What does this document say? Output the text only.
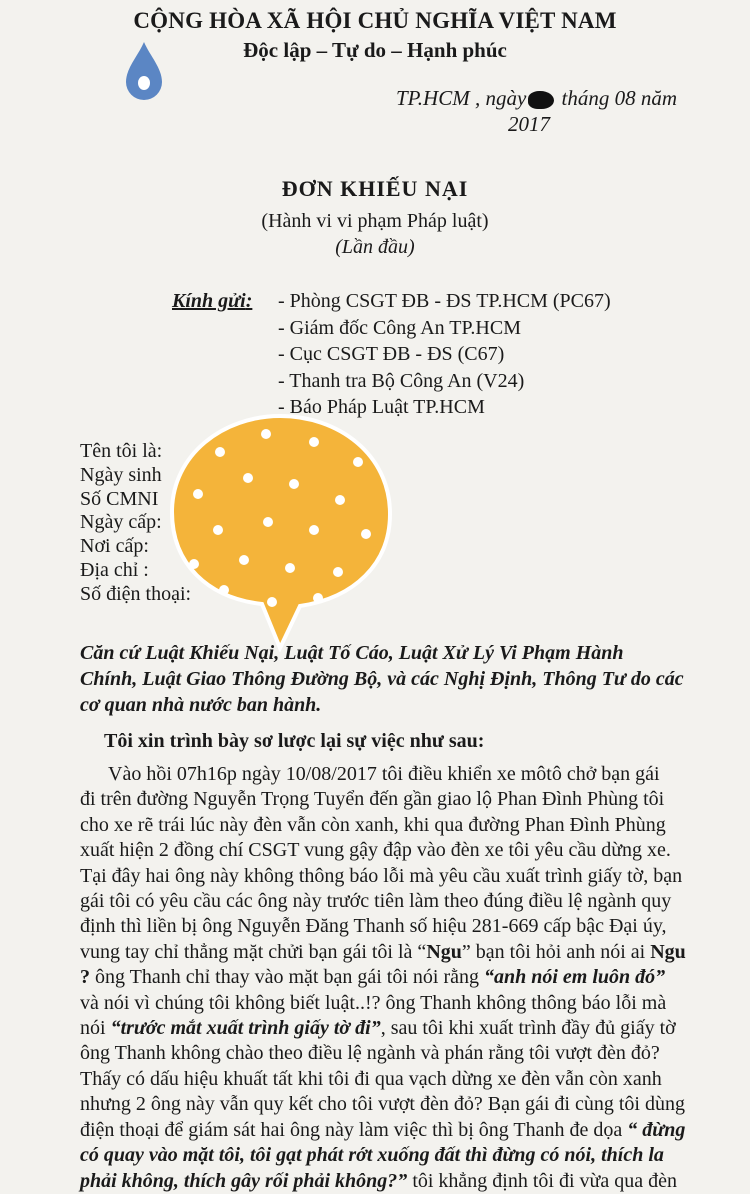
CỘNG HÒA XÃ HỘI CHỦ NGHĨA VIỆT NAM
Độc lập – Tự do – Hạnh phúc
TP.HCM , ngày tháng 08 năm
2017
ĐƠN KHIẾU NẠI
(Hành vi vi phạm Pháp luật)
(Lần đầu)
Kính gửi: - Phòng CSGT ĐB - ĐS TP.HCM (PC67)
- Giám đốc Công An TP.HCM
- Cục CSGT ĐB - ĐS (C67)
- Thanh tra Bộ Công An (V24)
- Báo Pháp Luật TP.HCM
Tên tôi là:
Ngày sinh
Số CMNI
Ngày cấp:
Nơi cấp:
Địa chỉ :
Số điện thoại:
Căn cứ Luật Khiếu Nại, Luật Tố Cáo, Luật Xử Lý Vi Phạm Hành
Chính, Luật Giao Thông Đường Bộ, và các Nghị Định, Thông Tư do các
cơ quan nhà nước ban hành.
Tôi xin trình bày sơ lược lại sự việc như sau:
Vào hồi 07h16p ngày 10/08/2017 tôi điều khiển xe môtô chở bạn gái
đi trên đường Nguyễn Trọng Tuyển đến gần giao lộ Phan Đình Phùng tôi
cho xe rẽ trái lúc này đèn vẫn còn xanh, khi qua đường Phan Đình Phùng
xuất hiện 2 đồng chí CSGT vung gậy đập vào đèn xe tôi yêu cầu dừng xe.
Tại đây hai ông này không thông báo lỗi mà yêu cầu xuất trình giấy tờ, bạn
gái tôi có yêu cầu các ông này trước tiên làm theo đúng điều lệ ngành quy
định thì liền bị ông Nguyễn Đăng Thanh số hiệu 281-669 cấp bậc Đại úy,
vung tay chỉ thẳng mặt chửi bạn gái tôi là “Ngu” bạn tôi hỏi anh nói ai Ngu
? ông Thanh chỉ thay vào mặt bạn gái tôi nói rằng “anh nói em luôn đó”
và nói vì chúng tôi không biết luật..!? ông Thanh không thông báo lỗi mà
nói “trước mắt xuất trình giấy tờ đi”, sau tôi khi xuất trình đầy đủ giấy tờ
ông Thanh không chào theo điều lệ ngành và phán rằng tôi vượt đèn đỏ?
Thấy có dấu hiệu khuất tất khi tôi đi qua vạch dừng xe đèn vẫn còn xanh
nhưng 2 ông này vẫn quy kết cho tôi vượt đèn đỏ? Bạn gái đi cùng tôi dùng
điện thoại để giám sát hai ông này làm việc thì bị ông Thanh đe dọa “ đừng
có quay vào mặt tôi, tôi gạt phát rớt xuống đất thì đừng có nói, thích la
phải không, thích gây rối phải không?” tôi khẳng định tôi đi vừa qua đèn
